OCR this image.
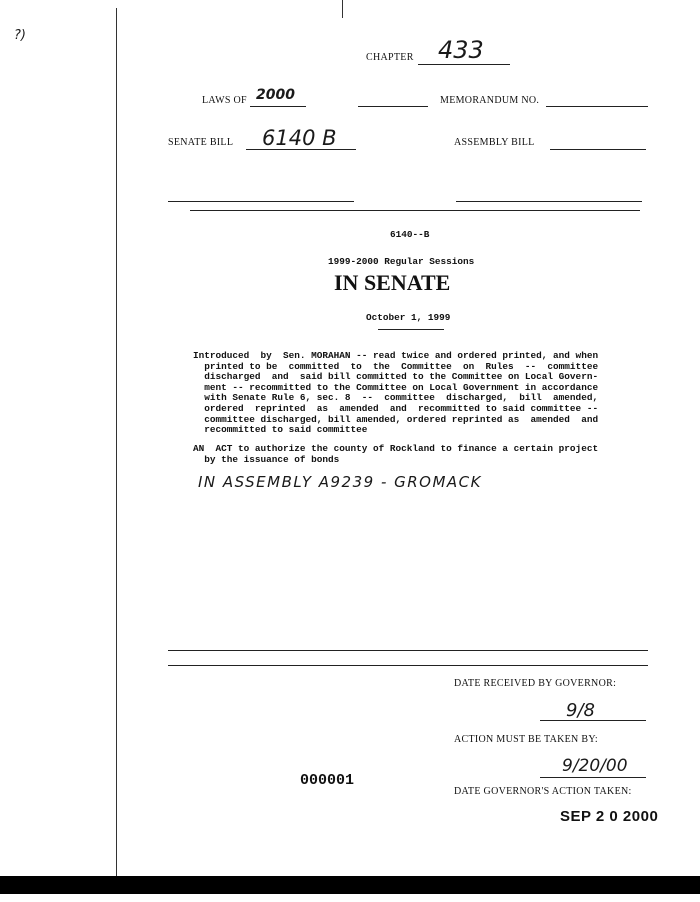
?)
CHAPTER 433
LAWS OF 2000	MEMORANDUM NO.
SENATE BILL 6140 B	ASSEMBLY BILL
6140--B
1999-2000 Regular Sessions
IN SENATE
October 1, 1999
Introduced  by  Sen. MORAHAN -- read twice and ordered printed, and when
printed to be  committed  to  the  Committee  on  Rules  --  committee
discharged  and  said bill committed to the Committee on Local Govern-
ment -- recommitted to the Committee on Local Government in accordance
with Senate Rule 6, sec. 8  --  committee  discharged,  bill  amended,
ordered  reprinted  as  amended  and  recommitted to said committee --
committee discharged, bill amended, ordered reprinted as  amended  and
recommitted to said committee
AN  ACT to authorize the county of Rockland to finance a certain project
by the issuance of bonds
IN ASSEMBLY A9239 - GROMACK
DATE RECEIVED BY GOVERNOR:
9/8
ACTION MUST BE TAKEN BY:
9/20/00
000001
DATE GOVERNOR'S ACTION TAKEN:
SEP 2 0 2000
